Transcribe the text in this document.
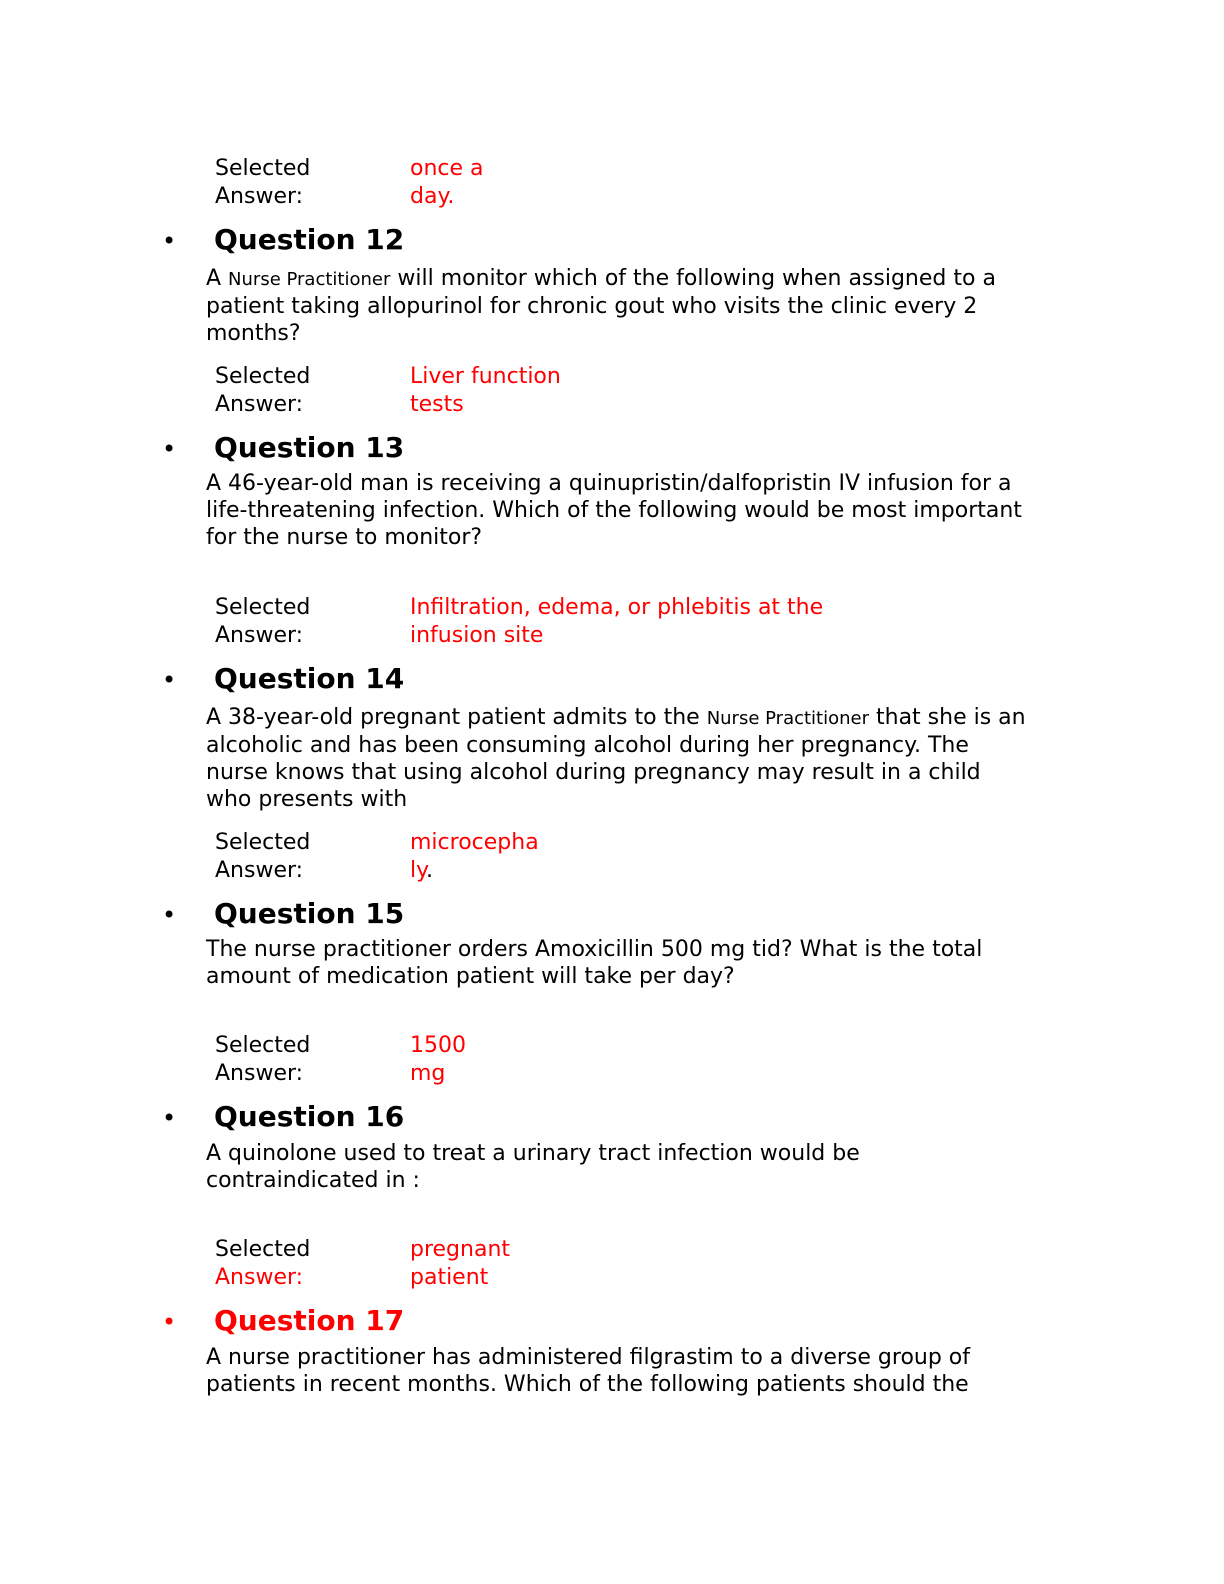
Selected
Answer:
once a
day.
• Question 12
A Nurse Practitioner will monitor which of the following when assigned to a
patient taking allopurinol for chronic gout who visits the clinic every 2
months?
Selected
Answer:
Liver function
tests
• Question 13
A 46-year-old man is receiving a quinupristin/dalfopristin IV infusion for a
life-threatening infection. Which of the following would be most important
for the nurse to monitor?
Selected
Answer:
Infiltration, edema, or phlebitis at the
infusion site
• Question 14
A 38-year-old pregnant patient admits to the Nurse Practitioner that she is an
alcoholic and has been consuming alcohol during her pregnancy. The
nurse knows that using alcohol during pregnancy may result in a child
who presents with
Selected
Answer:
microcepha
ly.
• Question 15
The nurse practitioner orders Amoxicillin 500 mg tid? What is the total
amount of medication patient will take per day?
Selected
Answer:
1500
mg
• Question 16
A quinolone used to treat a urinary tract infection would be
contraindicated in :
Selected
Answer:
pregnant
patient
• Question 17
A nurse practitioner has administered filgrastim to a diverse group of
patients in recent months. Which of the following patients should the
